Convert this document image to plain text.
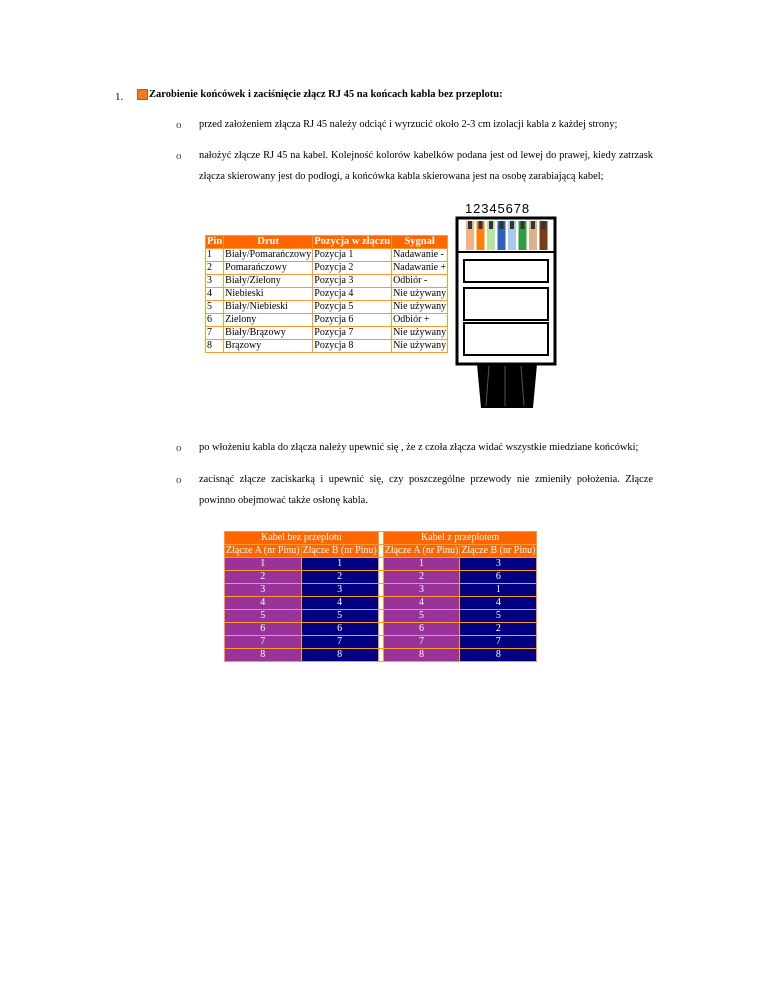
1. Zarobienie końcówek i zaciśnięcie złącz RJ 45 na końcach kabla bez przeplotu:
o przed założeniem złącza RJ 45 należy odciąć i wyrzucić około 2-3 cm izolacji kabla z każdej strony;
o nałożyć złącze RJ 45 na kabel. Kolejność kolorów kabelków podana jest od lewej do prawej, kiedy zatrzask złącza skierowany jest do podłogi, a końcówka kabla skierowana jest na osobę zarabiającą kabel;
Pin	Drut	Pozycja w złączu	Sygnał
1	Biały/Pomarańczowy	Pozycja 1	Nadawanie -
2	Pomarańczowy	Pozycja 2	Nadawanie +
3	Biały/Zielony	Pozycja 3	Odbiór -
4	Niebieski	Pozycja 4	Nie używany
5	Biały/Niebieski	Pozycja 5	Nie używany
6	Zielony	Pozycja 6	Odbiór +
7	Biały/Brązowy	Pozycja 7	Nie używany
8	Brązowy	Pozycja 8	Nie używany
12345678
o po włożeniu kabla do złącza należy upewnić się , że z czoła złącza widać wszystkie miedziane końcówki;
o zacisnąć złącze zaciskarką i upewnić się, czy poszczególne przewody nie zmieniły położenia. Złącze powinno obejmować także osłonę kabla.
Kabel bez przeplotu			Kabel z przeplotem	
Złącze A (nr Pinu)	Złącze B (nr Pinu)		Złącze A (nr Pinu)	Złącze B (nr Pinu)
1	1		1	3
2	2		2	6
3	3		3	1
4	4		4	4
5	5		5	5
6	6		6	2
7	7		7	7
8	8		8	8
